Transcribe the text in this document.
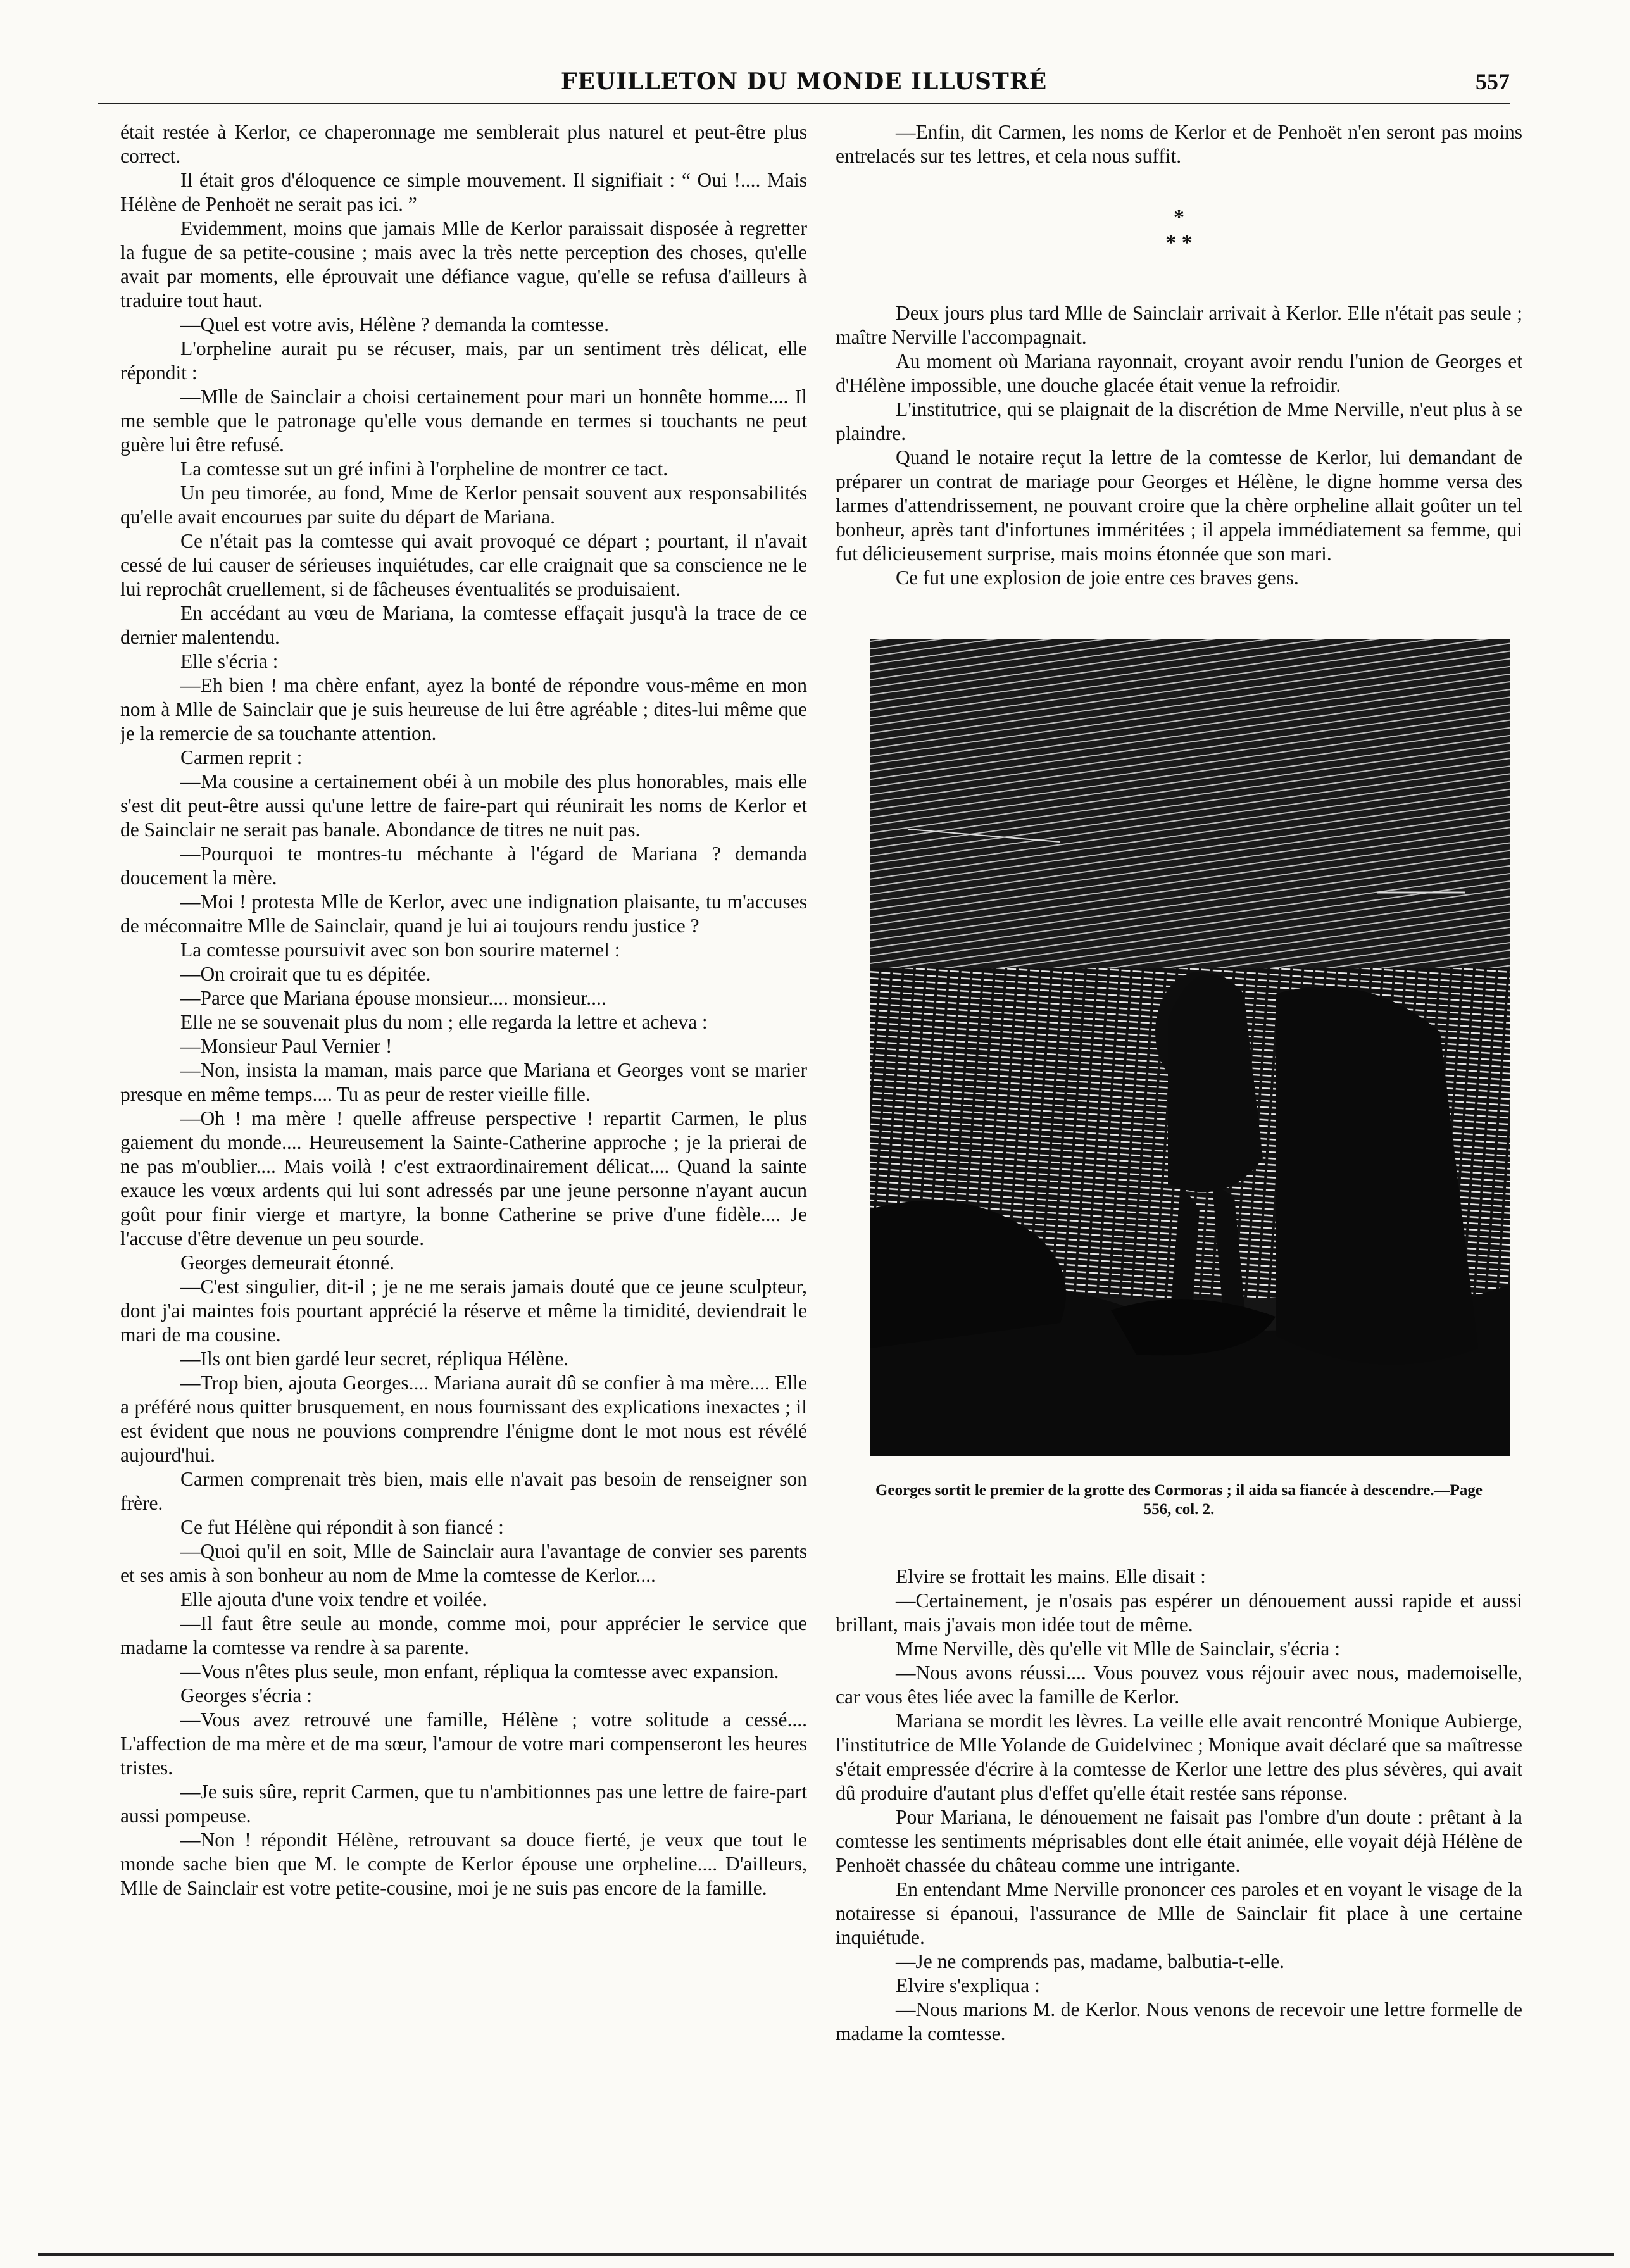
FEUILLETON DU MONDE ILLUSTRÉ	557

était restée à Kerlor, ce chaperonnage me semblerait plus naturel et peut-être plus correct.

Il était gros d'éloquence ce simple mouvement. Il signifiait : “ Oui !.... Mais Hélène de Penhoët ne serait pas ici. ”

Evidemment, moins que jamais Mlle de Kerlor paraissait disposée à regretter la fugue de sa petite-cousine ; mais avec la très nette perception des choses, qu'elle avait par moments, elle éprouvait une défiance vague, qu'elle se refusa d'ailleurs à traduire tout haut.

—Quel est votre avis, Hélène ? demanda la comtesse.

L'orpheline aurait pu se récuser, mais, par un sentiment très délicat, elle répondit :

—Mlle de Sainclair a choisi certainement pour mari un honnête homme.... Il me semble que le patronage qu'elle vous demande en termes si touchants ne peut guère lui être refusé.

La comtesse sut un gré infini à l'orpheline de montrer ce tact.

Un peu timorée, au fond, Mme de Kerlor pensait souvent aux responsabilités qu'elle avait encourues par suite du départ de Mariana.

Ce n'était pas la comtesse qui avait provoqué ce départ ; pourtant, il n'avait cessé de lui causer de sérieuses inquiétudes, car elle craignait que sa conscience ne le lui reprochât cruellement, si de fâcheuses éventualités se produisaient.

En accédant au vœu de Mariana, la comtesse effaçait jusqu'à la trace de ce dernier malentendu.

Elle s'écria :

—Eh bien ! ma chère enfant, ayez la bonté de répondre vous-même en mon nom à Mlle de Sainclair que je suis heureuse de lui être agréable ; dites-lui même que je la remercie de sa touchante attention.

Carmen reprit :

—Ma cousine a certainement obéi à un mobile des plus honorables, mais elle s'est dit peut-être aussi qu'une lettre de faire-part qui réunirait les noms de Kerlor et de Sainclair ne serait pas banale. Abondance de titres ne nuit pas.

—Pourquoi te montres-tu méchante à l'égard de Mariana ? demanda doucement la mère.

—Moi ! protesta Mlle de Kerlor, avec une indignation plaisante, tu m'accuses de méconnaitre Mlle de Sainclair, quand je lui ai toujours rendu justice ?

La comtesse poursuivit avec son bon sourire maternel :

—On croirait que tu es dépitée.

—Parce que Mariana épouse monsieur.... monsieur....

Elle ne se souvenait plus du nom ; elle regarda la lettre et acheva :

—Monsieur Paul Vernier !

—Non, insista la maman, mais parce que Mariana et Georges vont se marier presque en même temps.... Tu as peur de rester vieille fille.

—Oh ! ma mère ! quelle affreuse perspective ! repartit Carmen, le plus gaiement du monde.... Heureusement la Sainte-Catherine approche ; je la prierai de ne pas m'oublier.... Mais voilà ! c'est extraordinairement délicat.... Quand la sainte exauce les vœux ardents qui lui sont adressés par une jeune personne n'ayant aucun goût pour finir vierge et martyre, la bonne Catherine se prive d'une fidèle.... Je l'accuse d'être devenue un peu sourde.

Georges demeurait étonné.

—C'est singulier, dit-il ; je ne me serais jamais douté que ce jeune sculpteur, dont j'ai maintes fois pourtant apprécié la réserve et même la timidité, deviendrait le mari de ma cousine.

—Ils ont bien gardé leur secret, répliqua Hélène.

—Trop bien, ajouta Georges.... Mariana aurait dû se confier à ma mère.... Elle a préféré nous quitter brusquement, en nous fournissant des explications inexactes ; il est évident que nous ne pouvions comprendre l'énigme dont le mot nous est révélé aujourd'hui.

Carmen comprenait très bien, mais elle n'avait pas besoin de renseigner son frère.

Ce fut Hélène qui répondit à son fiancé :

—Quoi qu'il en soit, Mlle de Sainclair aura l'avantage de convier ses parents et ses amis à son bonheur au nom de Mme la comtesse de Kerlor....

Elle ajouta d'une voix tendre et voilée.

—Il faut être seule au monde, comme moi, pour apprécier le service que madame la comtesse va rendre à sa parente.

—Vous n'êtes plus seule, mon enfant, répliqua la comtesse avec expansion.

Georges s'écria :

—Vous avez retrouvé une famille, Hélène ; votre solitude a cessé.... L'affection de ma mère et de ma sœur, l'amour de votre mari compenseront les heures tristes.

—Je suis sûre, reprit Carmen, que tu n'ambitionnes pas une lettre de faire-part aussi pompeuse.

—Non ! répondit Hélène, retrouvant sa douce fierté, je veux que tout le monde sache bien que M. le compte de Kerlor épouse une orpheline.... D'ailleurs, Mlle de Sainclair est votre petite-cousine, moi je ne suis pas encore de la famille.

—Enfin, dit Carmen, les noms de Kerlor et de Penhoët n'en seront pas moins entrelacés sur tes lettres, et cela nous suffit.

*
* *

Deux jours plus tard Mlle de Sainclair arrivait à Kerlor. Elle n'était pas seule ; maître Nerville l'accompagnait.

Au moment où Mariana rayonnait, croyant avoir rendu l'union de Georges et d'Hélène impossible, une douche glacée était venue la refroidir.

L'institutrice, qui se plaignait de la discrétion de Mme Nerville, n'eut plus à se plaindre.

Quand le notaire reçut la lettre de la comtesse de Kerlor, lui demandant de préparer un contrat de mariage pour Georges et Hélène, le digne homme versa des larmes d'attendrissement, ne pouvant croire que la chère orpheline allait goûter un tel bonheur, après tant d'infortunes imméritées ; il appela immédiatement sa femme, qui fut délicieusement surprise, mais moins étonnée que son mari.

Ce fut une explosion de joie entre ces braves gens.

Georges sortit le premier de la grotte des Cormoras ; il aida sa fiancée à descendre.—Page 556, col. 2.

Elvire se frottait les mains. Elle disait :

—Certainement, je n'osais pas espérer un dénouement aussi rapide et aussi brillant, mais j'avais mon idée tout de même.

Mme Nerville, dès qu'elle vit Mlle de Sainclair, s'écria :

—Nous avons réussi.... Vous pouvez vous réjouir avec nous, mademoiselle, car vous êtes liée avec la famille de Kerlor.

Mariana se mordit les lèvres. La veille elle avait rencontré Monique Aubierge, l'institutrice de Mlle Yolande de Guidelvinec ; Monique avait déclaré que sa maîtresse s'était empressée d'écrire à la comtesse de Kerlor une lettre des plus sévères, qui avait dû produire d'autant plus d'effet qu'elle était restée sans réponse.

Pour Mariana, le dénouement ne faisait pas l'ombre d'un doute : prêtant à la comtesse les sentiments méprisables dont elle était animée, elle voyait déjà Hélène de Penhoët chassée du château comme une intrigante.

En entendant Mme Nerville prononcer ces paroles et en voyant le visage de la notairesse si épanoui, l'assurance de Mlle de Sainclair fit place à une certaine inquiétude.

—Je ne comprends pas, madame, balbutia-t-elle.

Elvire s'expliqua :

—Nous marions M. de Kerlor. Nous venons de recevoir une lettre formelle de madame la comtesse.
